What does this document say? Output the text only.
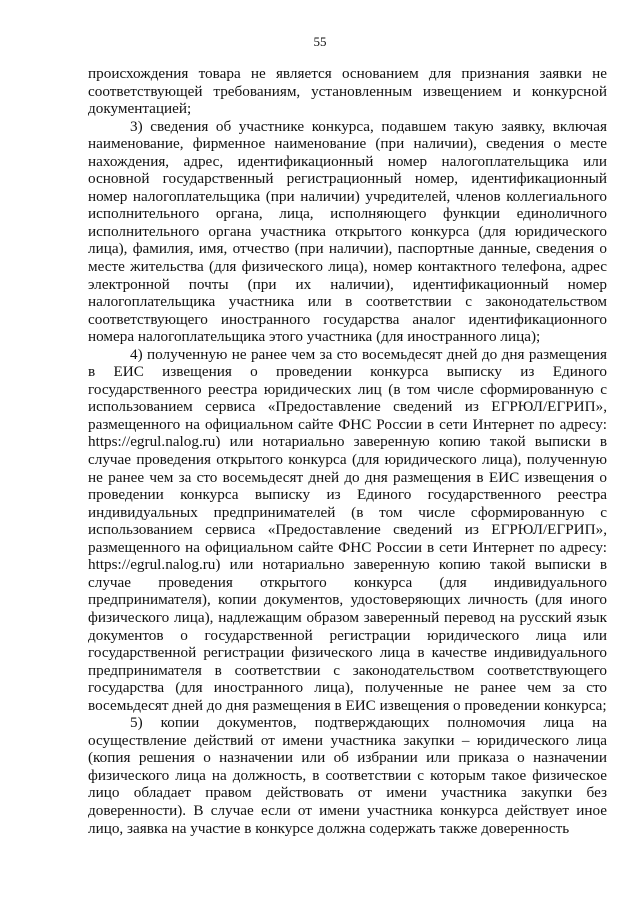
55

происхождения товара не является основанием для признания заявки не соответствующей требованиям, установленным извещением и конкурсной документацией;

3) сведения об участнике конкурса, подавшем такую заявку, включая наименование, фирменное наименование (при наличии), сведения о месте нахождения, адрес, идентификационный номер налогоплательщика или основной государственный регистрационный номер, идентификационный номер налогоплательщика (при наличии) учредителей, членов коллегиального исполнительного органа, лица, исполняющего функции единоличного исполнительного органа участника открытого конкурса (для юридического лица), фамилия, имя, отчество (при наличии), паспортные данные, сведения о месте жительства (для физического лица), номер контактного телефона, адрес электронной почты (при их наличии), идентификационный номер налогоплательщика участника или в соответствии с законодательством соответствующего иностранного государства аналог идентификационного номера налогоплательщика этого участника (для иностранного лица);

4) полученную не ранее чем за сто восемьдесят дней до дня размещения в ЕИС извещения о проведении конкурса выписку из Единого государственного реестра юридических лиц (в том числе сформированную с использованием сервиса «Предоставление сведений из ЕГРЮЛ/ЕГРИП», размещенного на официальном сайте ФНС России в сети Интернет по адресу: https://egrul.nalog.ru) или нотариально заверенную копию такой выписки в случае проведения открытого конкурса (для юридического лица), полученную не ранее чем за сто восемьдесят дней до дня размещения в ЕИС извещения о проведении конкурса выписку из Единого государственного реестра индивидуальных предпринимателей (в том числе сформированную с использованием сервиса «Предоставление сведений из ЕГРЮЛ/ЕГРИП», размещенного на официальном сайте ФНС России в сети Интернет по адресу: https://egrul.nalog.ru) или нотариально заверенную копию такой выписки в случае проведения открытого конкурса (для индивидуального предпринимателя), копии документов, удостоверяющих личность (для иного физического лица), надлежащим образом заверенный перевод на русский язык документов о государственной регистрации юридического лица или государственной регистрации физического лица в качестве индивидуального предпринимателя в соответствии с законодательством соответствующего государства (для иностранного лица), полученные не ранее чем за сто восемьдесят дней до дня размещения в ЕИС извещения о проведении конкурса;

5) копии документов, подтверждающих полномочия лица на осуществление действий от имени участника закупки – юридического лица (копия решения о назначении или об избрании или приказа о назначении физического лица на должность, в соответствии с которым такое физическое лицо обладает правом действовать от имени участника закупки без доверенности). В случае если от имени участника конкурса действует иное лицо, заявка на участие в конкурсе должна содержать также доверенность
